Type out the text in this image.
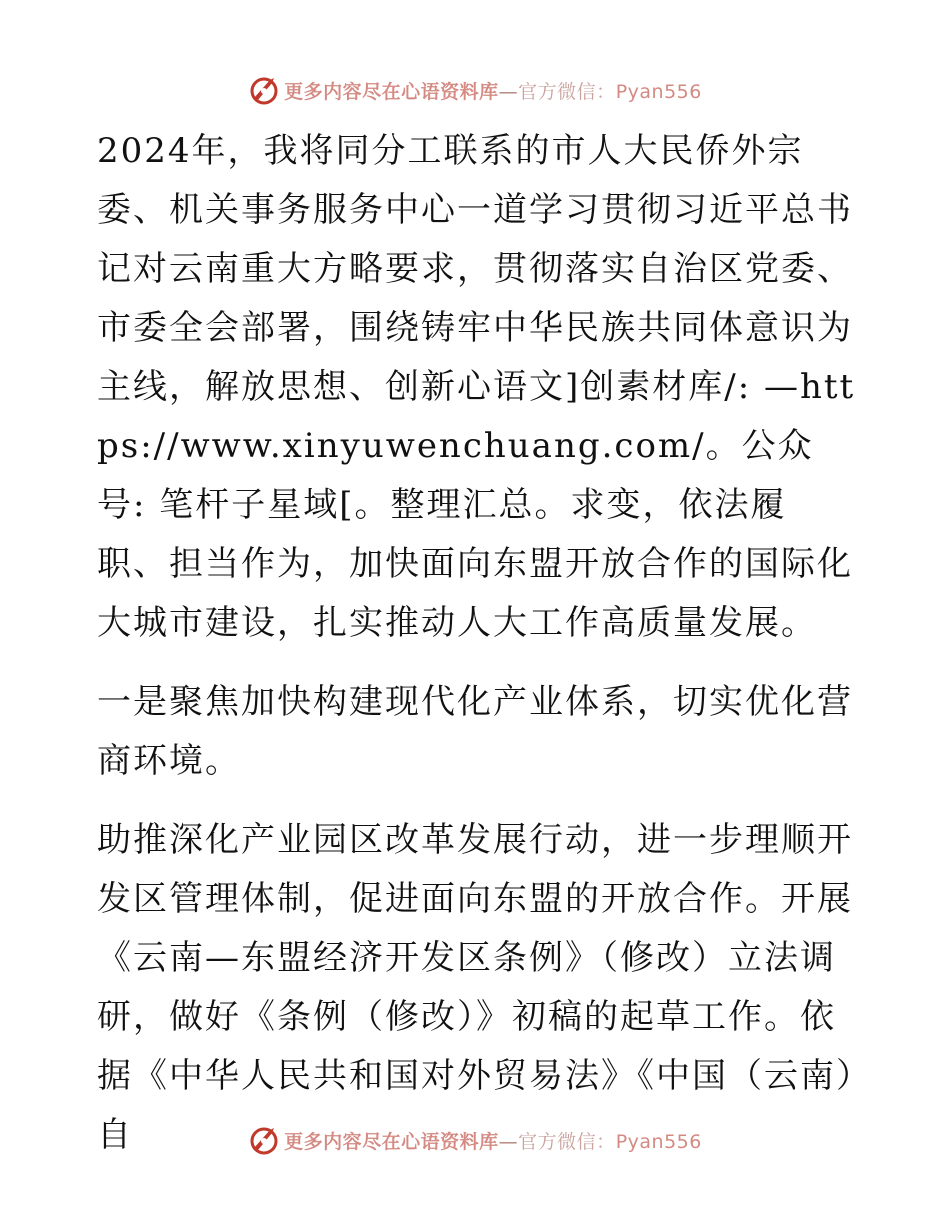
更多内容尽在心语资料库—官方微信：Pyan556

2024年，我将同分工联系的市人大民侨外宗委、机关事务服务中心一道学习贯彻习近平总书记对云南重大方略要求，贯彻落实自治区党委、市委全会部署，围绕铸牢中华民族共同体意识为主线，解放思想、创新心语文]创素材库/: —https://www.xinyuwenchuang.com/。公众号: 笔杆子星域[。整理汇总。求变，依法履职、担当作为，加快面向东盟开放合作的国际化大城市建设，扎实推动人大工作高质量发展。

一是聚焦加快构建现代化产业体系，切实优化营商环境。

助推深化产业园区改革发展行动，进一步理顺开发区管理体制，促进面向东盟的开放合作。开展《云南—东盟经济开发区条例》（修改）立法调研，做好《条例（修改）》初稿的起草工作。依据《中华人民共和国对外贸易法》《中国（云南）自	更多内容尽在心语资料库—官方微信：Pyan556
